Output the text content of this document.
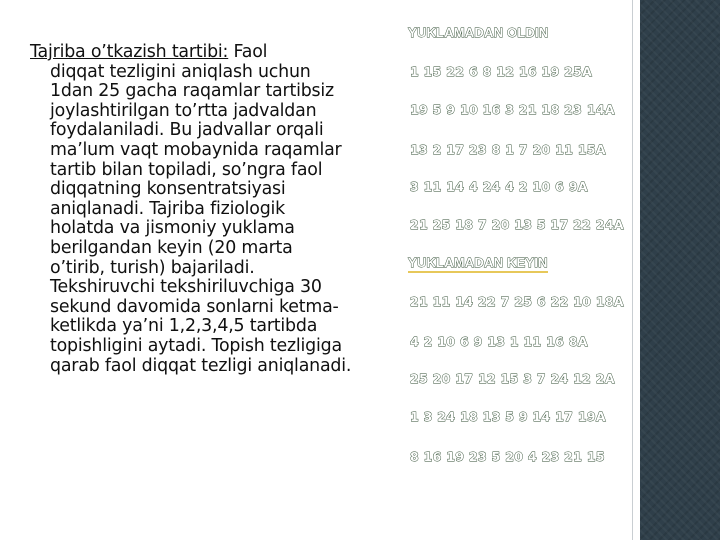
Tajriba o’tkazish tartibi: Faol
diqqat tezligini aniqlash uchun
1dan 25 gacha raqamlar tartibsiz
joylashtirilgan to’rtta jadvaldan
foydalaniladi. Bu jadvallar orqali
ma’lum vaqt mobaynida raqamlar
tartib bilan topiladi, so’ngra faol
diqqatning konsentratsiyasi
aniqlanadi. Tajriba fiziologik
holatda va jismoniy yuklama
berilgandan keyin (20 marta
o’tirib, turish) bajariladi.
Tekshiruvchi tekshiriluvchiga 30
sekund davomida sonlarni ketma-
ketlikda ya’ni 1,2,3,4,5 tartibda
topishligini aytadi. Topish tezligiga
qarab faol diqqat tezligi aniqlanadi.
YUKLAMADAN OLDIN
1 15 22 6 8 12 16 19 25А
19 5 9 10 16 3 21 18 23 14А
13 2 17 23 8 1 7 20 11 15А
3 11 14 4 24 4 2 10 6 9А
21 25 18 7 20 13 5 17 22 24А
YUKLAMADAN KEYIN
21 11 14 22 7 25 6 22 10 18А
4 2 10 6 9 13 1 11 16 8А
25 20 17 12 15 3 7 24 12 2А
1 3 24 18 13 5 9 14 17 19А
8 16 19 23 5 20 4 23 21 15
